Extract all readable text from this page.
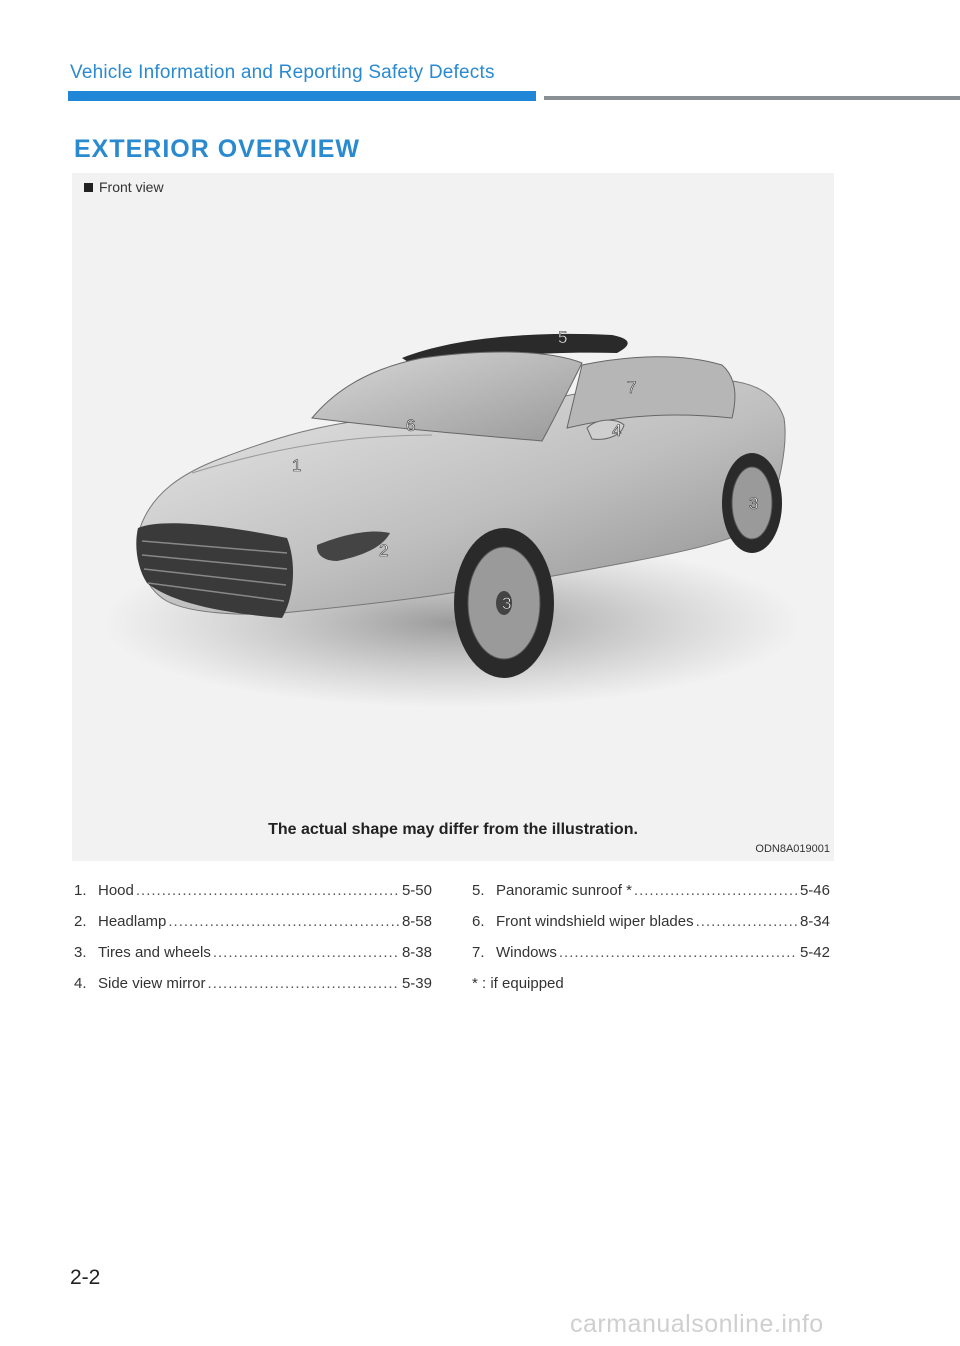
Vehicle Information and Reporting Safety Defects
EXTERIOR OVERVIEW
Front view
1
2
3
3
4
5
6
7
The actual shape may differ from the illustration.
ODN8A019001
1. Hood .....	5-50
2. Headlamp .....	8-58
3. Tires and wheels .....	8-38
4. Side view mirror .....	5-39
5. Panoramic sunroof * .....	5-46
6. Front windshield wiper blades .....	8-34
7. Windows .....	5-42
* : if equipped
2-2
carmanualsonline.info
